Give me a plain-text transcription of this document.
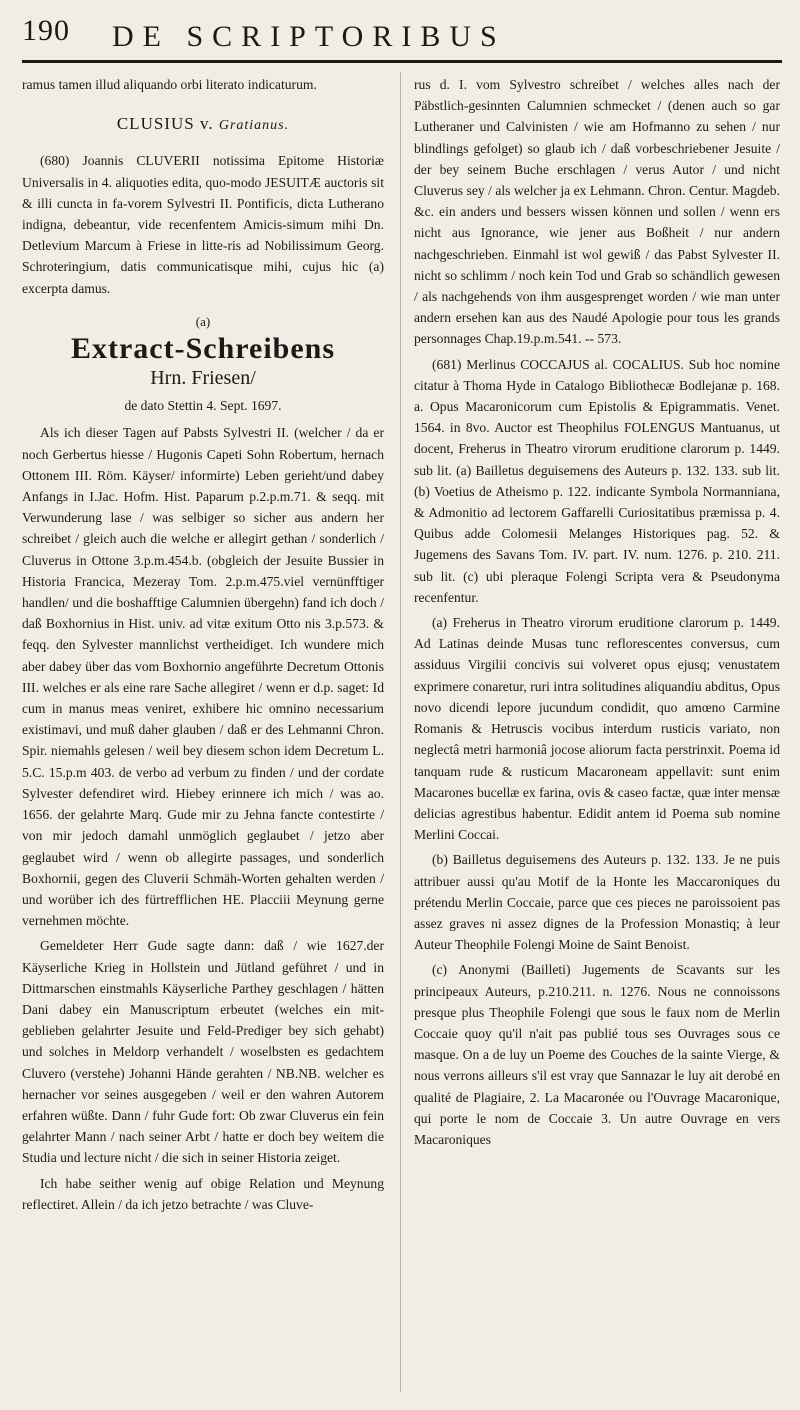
190 DE SCRIPTORIBUS

ramus tamen illud aliquando orbi literato indicaturum.

CLUSIUS v. Gratianus.

(680) Joannis CLUVERII notissima Epitome Historiæ Universalis in 4. aliquoties edita, quo-modo JESUITÆ auctoris sit & illi cuncta in fa-vorem Sylvestri II. Pontificis, dicta Lutherano indigna, debeantur, vide recenfentem Amicis-simum mihi Dn. Detlevium Marcum à Friese in litte-ris ad Nobilissimum Georg. Schroteringium, datis communicatisque mihi, cujus hic (a) excerpta damus.

(a)
Extract-Schreibens
Hrn. Friesen/
de dato Stettin 4. Sept. 1697.

Als ich dieser Tagen auf Pabsts Sylvestri II. (welcher / da er noch Gerbertus hiesse / Hugonis Capeti Sohn Robertum, hernach Ottonem III. Röm. Käyser/ informirte) Leben gerieht/und dabey Anfangs in I.Jac. Hofm. Hist. Paparum p.2.p.m.71. & seqq. mit Verwunderung lase / was selbiger so sicher aus andern her schreibet / gleich auch die welche er allegirt gethan / sonderlich / Cluverus in Ottone 3.p.m.454.b. (obgleich der Jesuite Bussier in Historia Francica, Mezeray Tom. 2.p.m.475.viel vernünfftiger handlen/ und die boshafftige Calumnien übergehn) fand ich doch / daß Boxhornius in Hist. univ. ad vitæ exitum Otto nis 3.p.573. & feqq. den Sylvester mannlichst vertheidiget. Ich wundere mich aber dabey über das vom Boxhornio angeführte Decretum Ottonis III. welches er als eine rare Sache allegiret / wenn er d.p. saget: Id cum in manus meas veniret, exhibere hic omnino necessarium existimavi, und muß daher glauben / daß er des Lehmanni Chron. Spir. niemahls gelesen / weil bey diesem schon idem Decretum L. 5.C. 15.p.m 403. de verbo ad verbum zu finden / und der cordate Sylvester defendiret wird. Hiebey erinnere ich mich / was ao. 1656. der gelahrte Marq. Gude mir zu Jehna fancte contestirte / von mir jedoch damahl unmöglich geglaubet / jetzo aber geglaubet wird / wenn ob allegirte passages, und sonderlich Boxhornii, gegen des Cluverii Schmäh-Worten gehalten werden / und worüber ich des fürtrefflichen HE. Placciii Meynung gerne vernehmen möchte.

Gemeldeter Herr Gude sagte dann: daß / wie 1627.der Käyserliche Krieg in Hollstein und Jütland geführet / und in Dittmarschen einstmahls Käyserliche Parthey geschlagen / hätten Dani dabey ein Manuscriptum erbeutet (welches ein mit-geblieben gelahrter Jesuite und Feld-Prediger bey sich gehabt) und solches in Meldorp verhandelt / woselbsten es gedachtem Cluvero (verstehe) Johanni Hände gerahten / NB.NB. welcher es hernacher vor seines ausgegeben / weil er den wahren Autorem erfahren wüßte. Dann / fuhr Gude fort: Ob zwar Cluverus ein fein gelahrter Mann / nach seiner Arbt / hatte er doch bey weitem die Studia und lecture nicht / die sich in seiner Historia zeiget.

Ich habe seither wenig auf obige Relation und Meynung reflectiret. Allein / da ich jetzo betrachte / was Cluve-

rus d. I. vom Sylvestro schreibet / welches alles nach der Päbstlich-gesinnten Calumnien schmecket / (denen auch so gar Lutheraner und Calvinisten / wie am Hofmanno zu sehen / nur blindlings gefolget) so glaub ich / daß vorbeschriebener Jesuite / der bey seinem Buche erschlagen / verus Autor / und nicht Cluverus sey / als welcher ja ex Lehmann. Chron. Centur. Magdeb. &c. ein anders und bessers wissen können und sollen / wenn ers nicht aus Ignorance, wie jener aus Boßheit / nur andern nachgeschrieben. Einmahl ist wol gewiß / das Pabst Sylvester II. nicht so schlimm / noch kein Tod und Grab so schändlich gewesen / als nachgehends von ihm ausgesprenget worden / wie man unter andern ersehen kan aus des Naudé Apologie pour tous les grands personnages Chap.19.p.m.541. -- 573.

(681) Merlinus COCCAJUS al. COCALIUS. Sub hoc nomine citatur à Thoma Hyde in Catalogo Bibliothecæ Bodlejanæ p. 168. a. Opus Macaronicorum cum Epistolis & Epigrammatis. Venet. 1564. in 8vo. Auctor est Theophilus FOLENGUS Mantuanus, ut docent, Freherus in Theatro virorum eruditione clarorum p. 1449. sub lit. (a) Bailletus deguisemens des Auteurs p. 132. 133. sub lit. (b) Voetius de Atheismo p. 122. indicante Symbola Normanniana, & Admonitio ad lectorem Gaffarelli Curiositatibus præmissa p. 4. Quibus adde Colomesii Melanges Historiques pag. 52. & Jugemens des Savans Tom. IV. part. IV. num. 1276. p. 210. 211. sub lit. (c) ubi pleraque Folengi Scripta vera & Pseudonyma recenfentur.

(a) Freherus in Theatro virorum eruditione clarorum p. 1449. Ad Latinas deinde Musas tunc reflorescentes conversus, cum assiduus Virgilii concivis sui volveret opus ejusq; venustatem exprimere conaretur, ruri intra solitudines aliquandiu abditus, Opus novo dicendi lepore jucundum condidit, quo amœno Carmine Romanis & Hetruscis vocibus interdum rusticis variato, non neglectâ metri harmoniâ jocose aliorum facta perstrinxit. Poema id tanquam rude & rusticum Macaroneam appellavit: sunt enim Macarones bucellæ ex farina, ovis & caseo factæ, quæ inter mensæ delicias agrestibus habentur. Edidit antem id Poema sub nomine Merlini Coccai.

(b) Bailletus deguisemens des Auteurs p. 132. 133. Je ne puis attribuer aussi qu'au Motif de la Honte les Maccaroniques du prétendu Merlin Coccaie, parce que ces pieces ne paroissoient pas assez graves ni assez dignes de la Profession Monastiq; à leur Auteur Theophile Folengi Moine de Saint Benoist.

(c) Anonymi (Bailleti) Jugements de Scavants sur les principeaux Auteurs, p.210.211. n. 1276. Nous ne connoissons presque plus Theophile Folengi que sous le faux nom de Merlin Coccaie quoy qu'il n'ait pas publié tous ses Ouvrages sous ce masque. On a de luy un Poeme des Couches de la sainte Vierge, & nous verrons ailleurs s'il est vray que Sannazar le luy ait derobé en qualité de Plagiaire, 2. La Macaronée ou l'Ouvrage Macaronique, qui porte le nom de Coccaie 3. Un autre Ouvrage en vers Macaroniques
